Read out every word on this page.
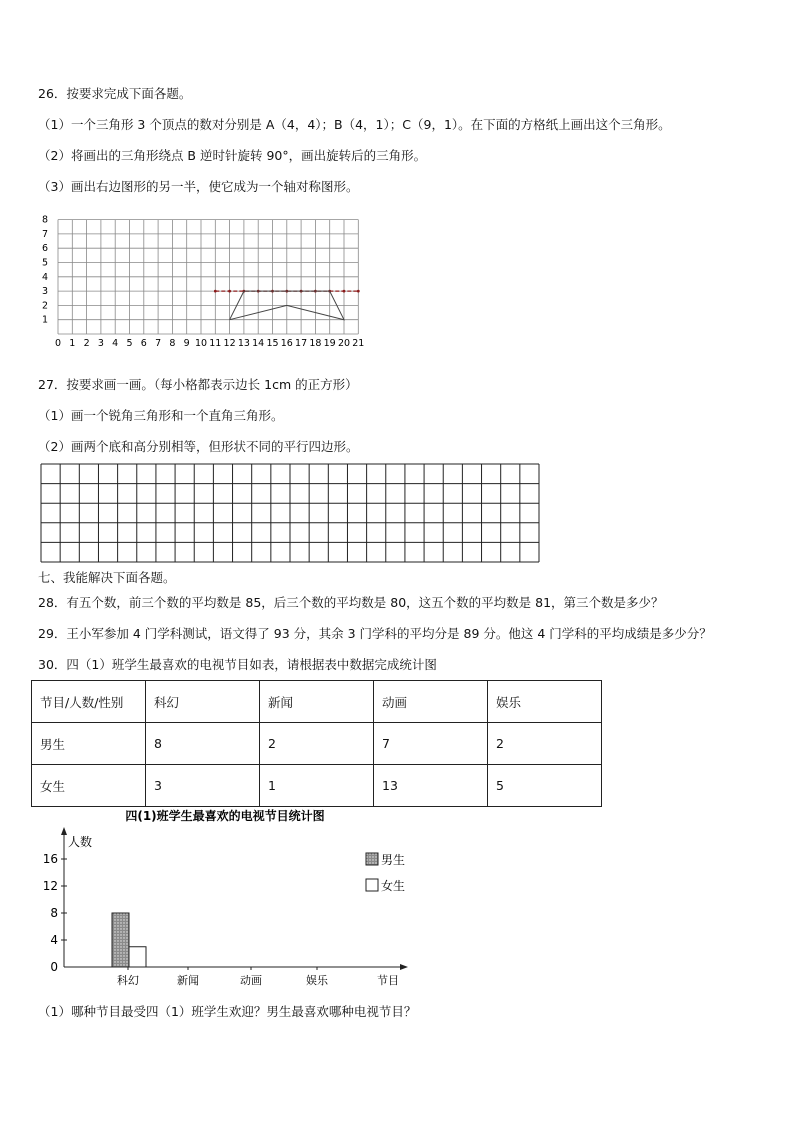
26．按要求完成下面各题。
（1）一个三角形 3 个顶点的数对分别是 A（4，4）；B（4，1）；C（9，1）。在下面的方格纸上画出这个三角形。
（2）将画出的三角形绕点 B 逆时针旋转 90°，画出旋转后的三角形。
（3）画出右边图形的另一半，使它成为一个轴对称图形。
0 1 2 3 4 5 6 7 8 9 10 11 12 13 14 15 16 17 18 19 20 21
1
2
3
4
5
6
7
8
27．按要求画一画。（每小格都表示边长 1cm 的正方形）
（1）画一个锐角三角形和一个直角三角形。
（2）画两个底和高分别相等，但形状不同的平行四边形。
七、我能解决下面各题。
28．有五个数，前三个数的平均数是 85，后三个数的平均数是 80，这五个数的平均数是 81，第三个数是多少？
29．王小军参加 4 门学科测试，语文得了 93 分，其余 3 门学科的平均分是 89 分。他这 4 门学科的平均成绩是多少分？
30．四（1）班学生最喜欢的电视节目如表，请根据表中数据完成统计图
节目/人数/性别	科幻	新闻	动画	娱乐
男生	8	2	7	2
女生	3	1	13	5
四(1)班学生最喜欢的电视节目统计图
人数
节目
0
4
8
12
16
科幻	新闻	动画	娱乐
男生
女生
（1）哪种节目最受四（1）班学生欢迎？男生最喜欢哪种电视节目？
